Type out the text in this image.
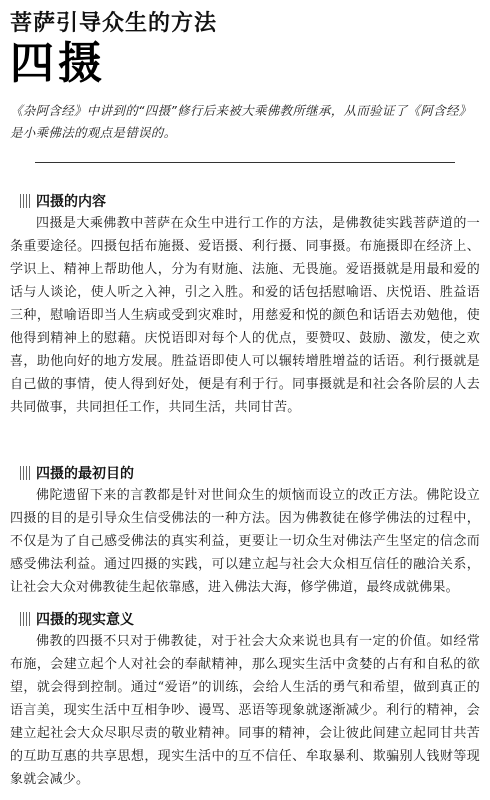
菩萨引导众生的方法
四摄
《杂阿含经》中讲到的“四摄”修行后来被大乘佛教所继承，从而验证了《阿含经》是小乘佛法的观点是错误的。
四摄的内容
四摄是大乘佛教中菩萨在众生中进行工作的方法，是佛教徒实践菩萨道的一条重要途径。四摄包括布施摄、爱语摄、利行摄、同事摄。布施摄即在经济上、学识上、精神上帮助他人，分为有财施、法施、无畏施。爱语摄就是用最和爱的话与人谈论，使人听之入神，引之入胜。和爱的话包括慰喻语、庆悦语、胜益语三种，慰喻语即当人生病或受到灾难时，用慈爱和悦的颜色和话语去劝勉他，使他得到精神上的慰藉。庆悦语即对每个人的优点，要赞叹、鼓励、激发，使之欢喜，助他向好的地方发展。胜益语即使人可以辗转增胜增益的话语。利行摄就是自己做的事情，使人得到好处，便是有利于行。同事摄就是和社会各阶层的人去共同做事，共同担任工作，共同生活，共同甘苦。
四摄的最初目的
佛陀遗留下来的言教都是针对世间众生的烦恼而设立的改正方法。佛陀设立四摄的目的是引导众生信受佛法的一种方法。因为佛教徒在修学佛法的过程中，不仅是为了自己感受佛法的真实利益，更要让一切众生对佛法产生坚定的信念而感受佛法利益。通过四摄的实践，可以建立起与社会大众相互信任的融洽关系，让社会大众对佛教徒生起依靠感，进入佛法大海，修学佛道，最终成就佛果。
四摄的现实意义
佛教的四摄不只对于佛教徒，对于社会大众来说也具有一定的价值。如经常布施，会建立起个人对社会的奉献精神，那么现实生活中贪婪的占有和自私的欲望，就会得到控制。通过“爱语”的训练，会给人生活的勇气和希望，做到真正的语言美，现实生活中互相争吵、谩骂、恶语等现象就逐渐减少。利行的精神，会建立起社会大众尽职尽责的敬业精神。同事的精神，会让彼此间建立起同甘共苦的互助互惠的共享思想，现实生活中的互不信任、牟取暴利、欺骗别人钱财等现象就会减少。
